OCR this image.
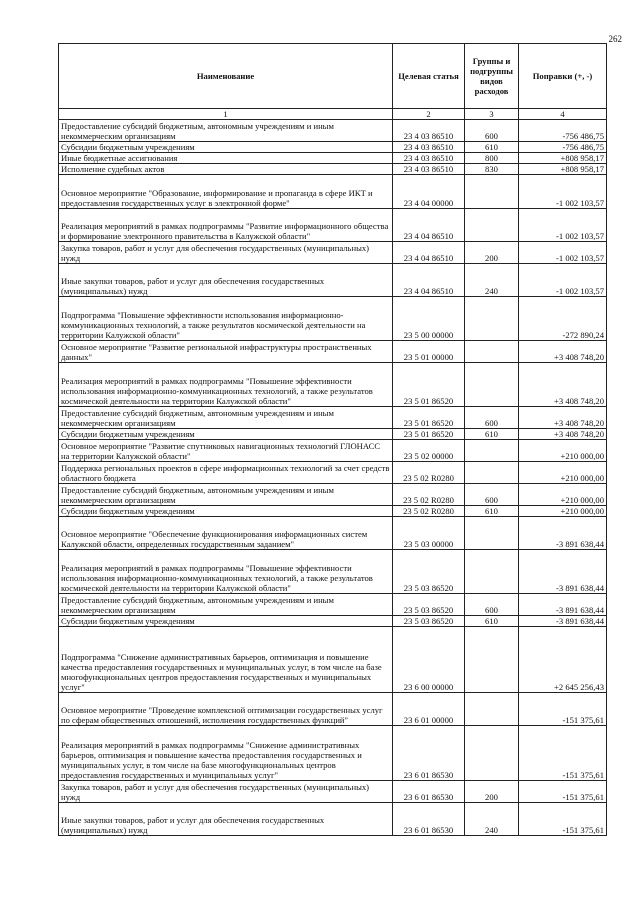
262
Наименование	Целевая статья	Группы и подгруппы видов расходов	Поправки (+, -)
1	2	3	4
Предоставление субсидий бюджетным, автономным учреждениям и иным некоммерческим организациям	23 4 03 86510	600	-756 486,75
Субсидии бюджетным учреждениям	23 4 03 86510	610	-756 486,75
Иные бюджетные ассигнования	23 4 03 86510	800	+808 958,17
Исполнение судебных актов	23 4 03 86510	830	+808 958,17
Основное мероприятие "Образование, информирование и пропаганда в сфере ИКТ и предоставления государственных услуг в электронной форме"	23 4 04 00000		-1 002 103,57
Реализация мероприятий в рамках подпрограммы "Развитие информационного общества и формирование электронного правительства в Калужской области"	23 4 04 86510		-1 002 103,57
Закупка товаров, работ и услуг для обеспечения государственных (муниципальных) нужд	23 4 04 86510	200	-1 002 103,57
Иные закупки товаров, работ и услуг для обеспечения государственных (муниципальных) нужд	23 4 04 86510	240	-1 002 103,57
Подпрограмма "Повышение эффективности использования информационно-коммуникационных технологий, а также результатов космической деятельности на территории Калужской области"	23 5 00 00000		-272 890,24
Основное мероприятие "Развитие региональной инфраструктуры пространственных данных"	23 5 01 00000		+3 408 748,20
Реализация мероприятий в рамках подпрограммы "Повышение эффективности использования информационно-коммуникационных технологий, а также результатов космической деятельности на территории Калужской области"	23 5 01 86520		+3 408 748,20
Предоставление субсидий бюджетным, автономным учреждениям и иным некоммерческим организациям	23 5 01 86520	600	+3 408 748,20
Субсидии бюджетным учреждениям	23 5 01 86520	610	+3 408 748,20
Основное мероприятие "Развитие спутниковых навигационных технологий ГЛОНАСС на территории Калужской области"	23 5 02 00000		+210 000,00
Поддержка региональных проектов в сфере информационных технологий за счет средств областного бюджета	23 5 02 R0280		+210 000,00
Предоставление субсидий бюджетным, автономным учреждениям и иным некоммерческим организациям	23 5 02 R0280	600	+210 000,00
Субсидии бюджетным учреждениям	23 5 02 R0280	610	+210 000,00
Основное мероприятие "Обеспечение функционирования информационных систем Калужской области, определенных государственным заданием"	23 5 03 00000		-3 891 638,44
Реализация мероприятий в рамках подпрограммы "Повышение эффективности использования информационно-коммуникационных технологий, а также результатов космической деятельности на территории Калужской области"	23 5 03 86520		-3 891 638,44
Предоставление субсидий бюджетным, автономным учреждениям и иным некоммерческим организациям	23 5 03 86520	600	-3 891 638,44
Субсидии бюджетным учреждениям	23 5 03 86520	610	-3 891 638,44
Подпрограмма "Снижение административных барьеров, оптимизация и повышение качества предоставления государственных и муниципальных услуг, в том числе на базе многофункциональных центров предоставления государственных и муниципальных услуг"	23 6 00 00000		+2 645 256,43
Основное мероприятие "Проведение комплексной оптимизации государственных услуг по сферам общественных отношений, исполнения государственных функций"	23 6 01 00000		-151 375,61
Реализация мероприятий в рамках подпрограммы "Снижение административных барьеров, оптимизация и повышение качества предоставления государственных и муниципальных услуг, в том числе на базе многофункциональных центров предоставления государственных и муниципальных услуг"	23 6 01 86530		-151 375,61
Закупка товаров, работ и услуг для обеспечения государственных (муниципальных) нужд	23 6 01 86530	200	-151 375,61
Иные закупки товаров, работ и услуг для обеспечения государственных (муниципальных) нужд	23 6 01 86530	240	-151 375,61
